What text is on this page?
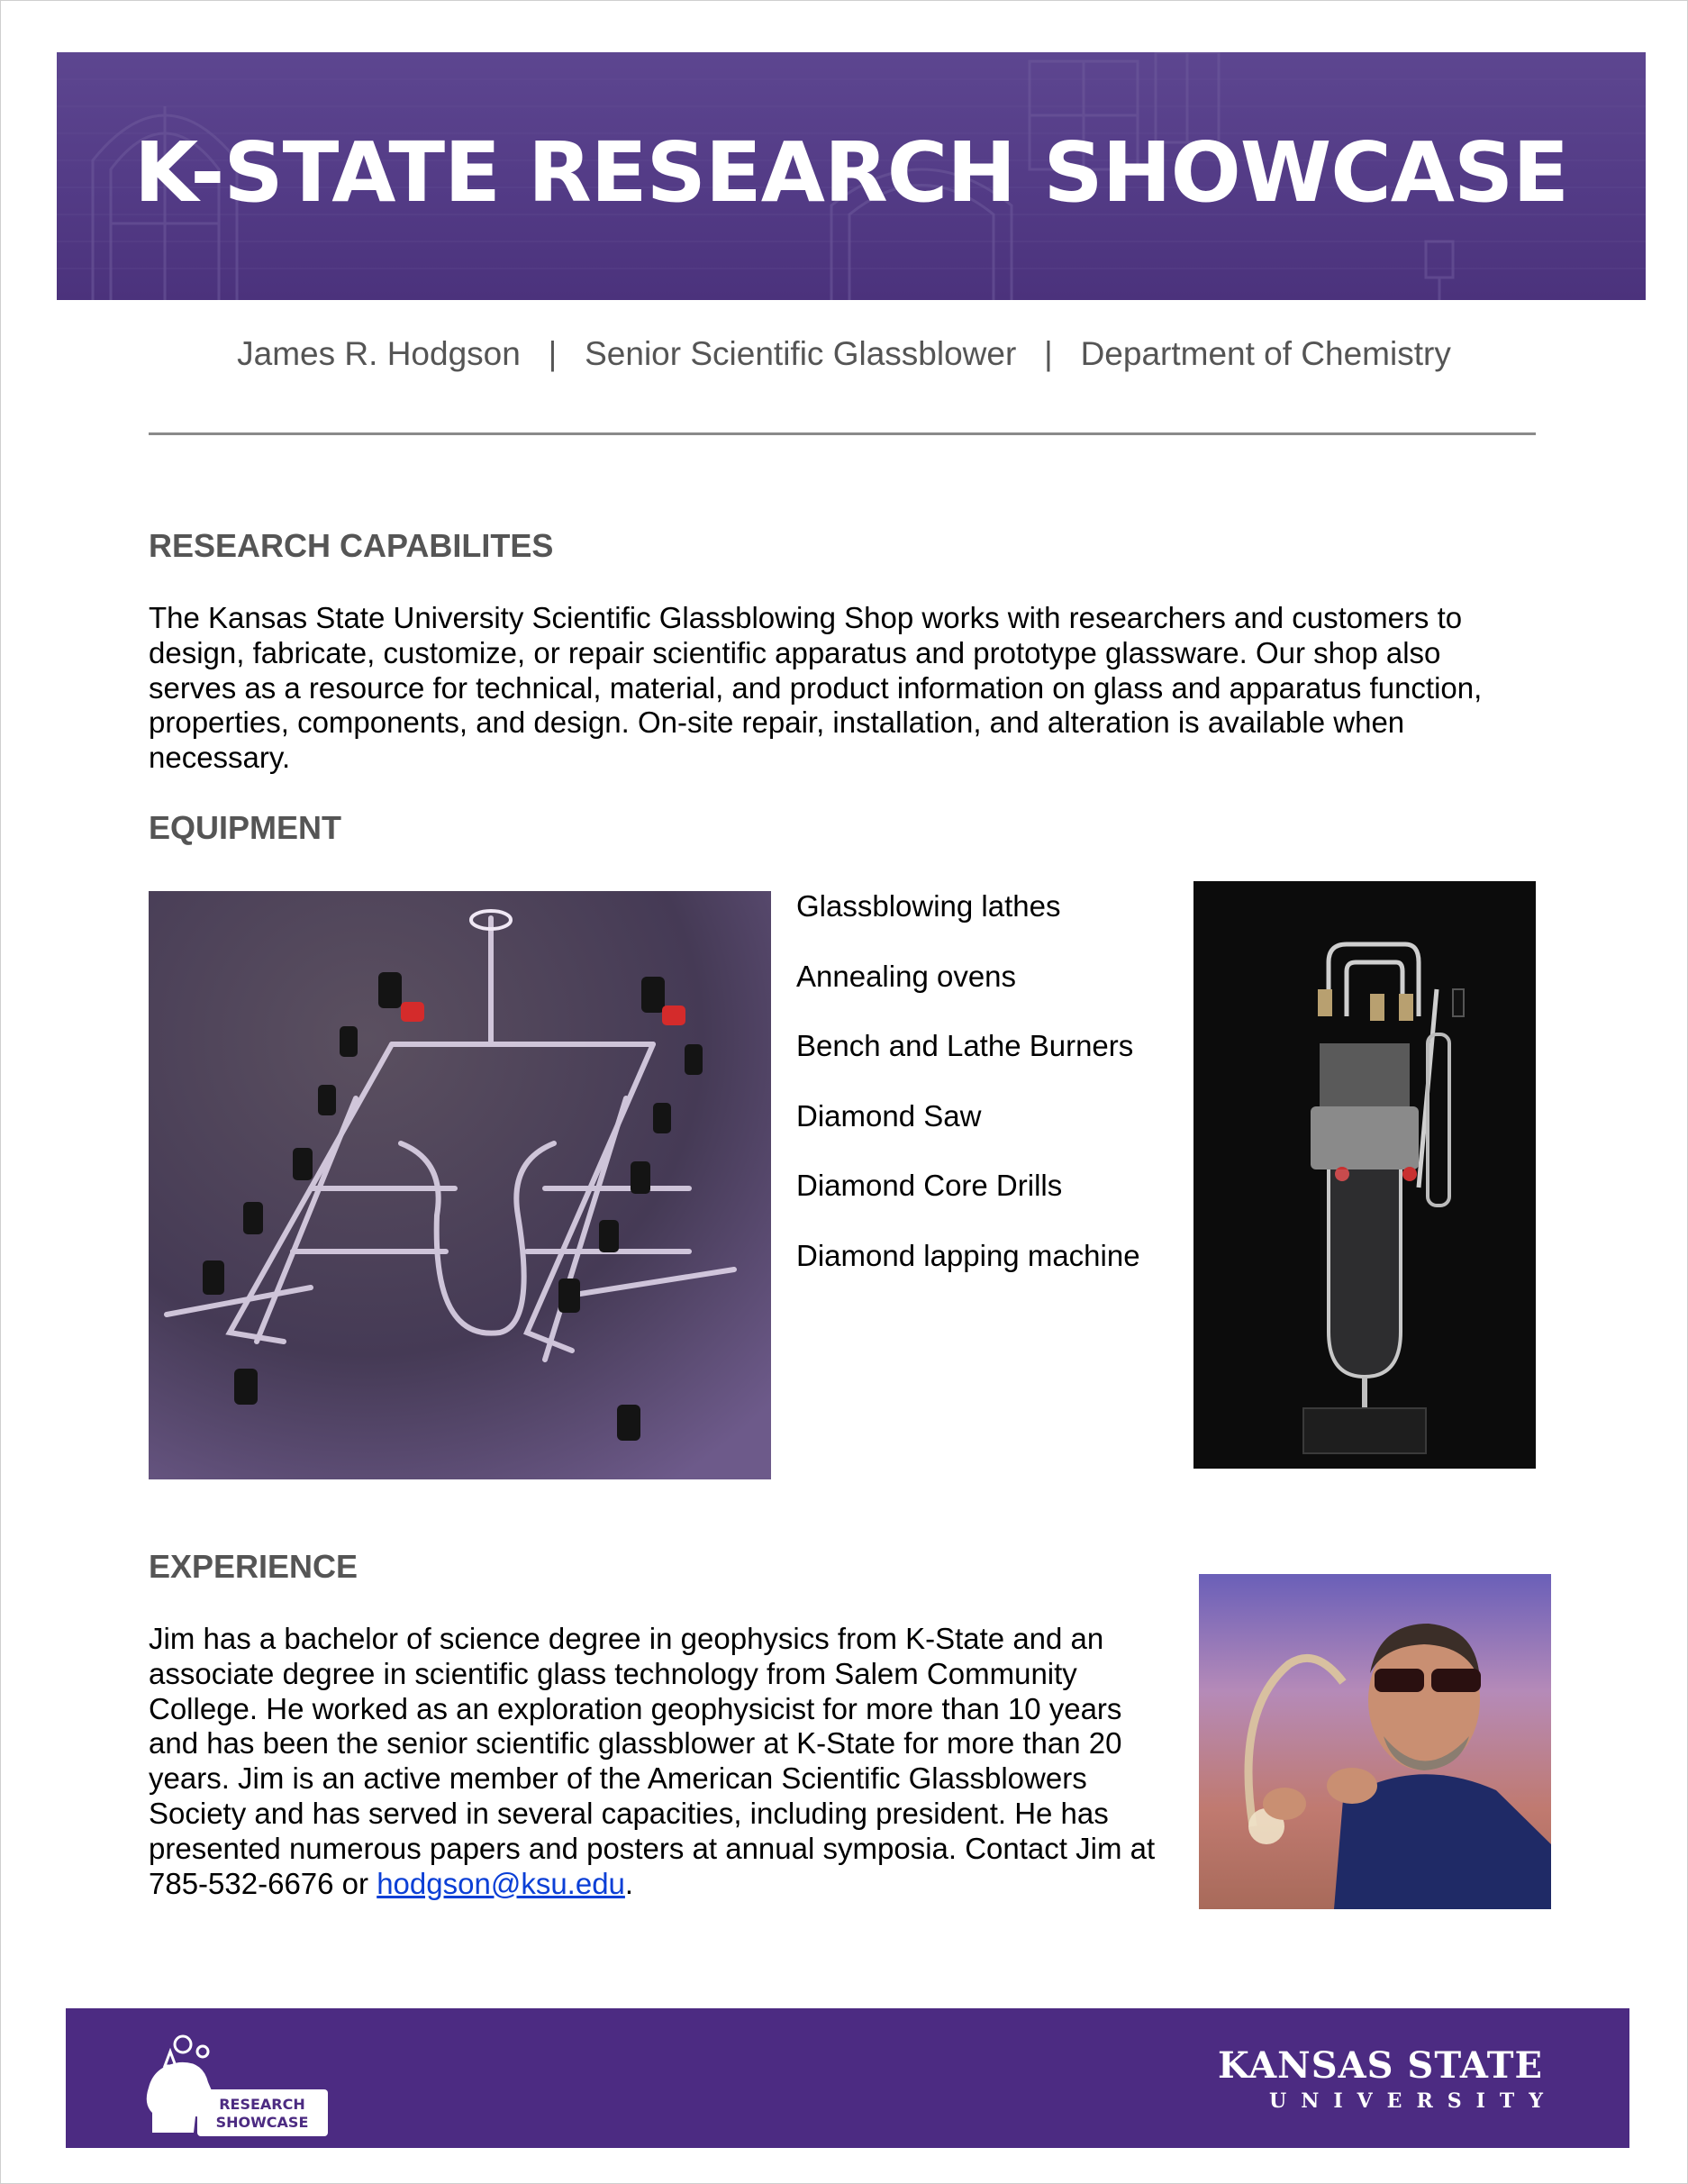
K-STATE RESEARCH SHOWCASE
James R. Hodgson | Senior Scientific Glassblower | Department of Chemistry
RESEARCH CAPABILITES

The Kansas State University Scientific Glassblowing Shop works with researchers and customers to
design, fabricate, customize, or repair scientific apparatus and prototype glassware. Our shop also
serves as a resource for technical, material, and product information on glass and apparatus function,
properties, components, and design. On-site repair, installation, and alteration is available when
necessary.

EQUIPMENT
Glassblowing lathes
Annealing ovens
Bench and Lathe Burners
Diamond Saw
Diamond Core Drills
Diamond lapping machine
EXPERIENCE

Jim has a bachelor of science degree in geophysics from K-State and an
associate degree in scientific glass technology from Salem Community
College. He worked as an exploration geophysicist for more than 10 years
and has been the senior scientific glassblower at K-State for more than 20
years. Jim is an active member of the American Scientific Glassblowers
Society and has served in several capacities, including president. He has
presented numerous papers and posters at annual symposia. Contact Jim at
785-532-6676 or hodgson@ksu.edu.

RESEARCH
SHOWCASE
KANSAS STATE
UNIVERSITY
